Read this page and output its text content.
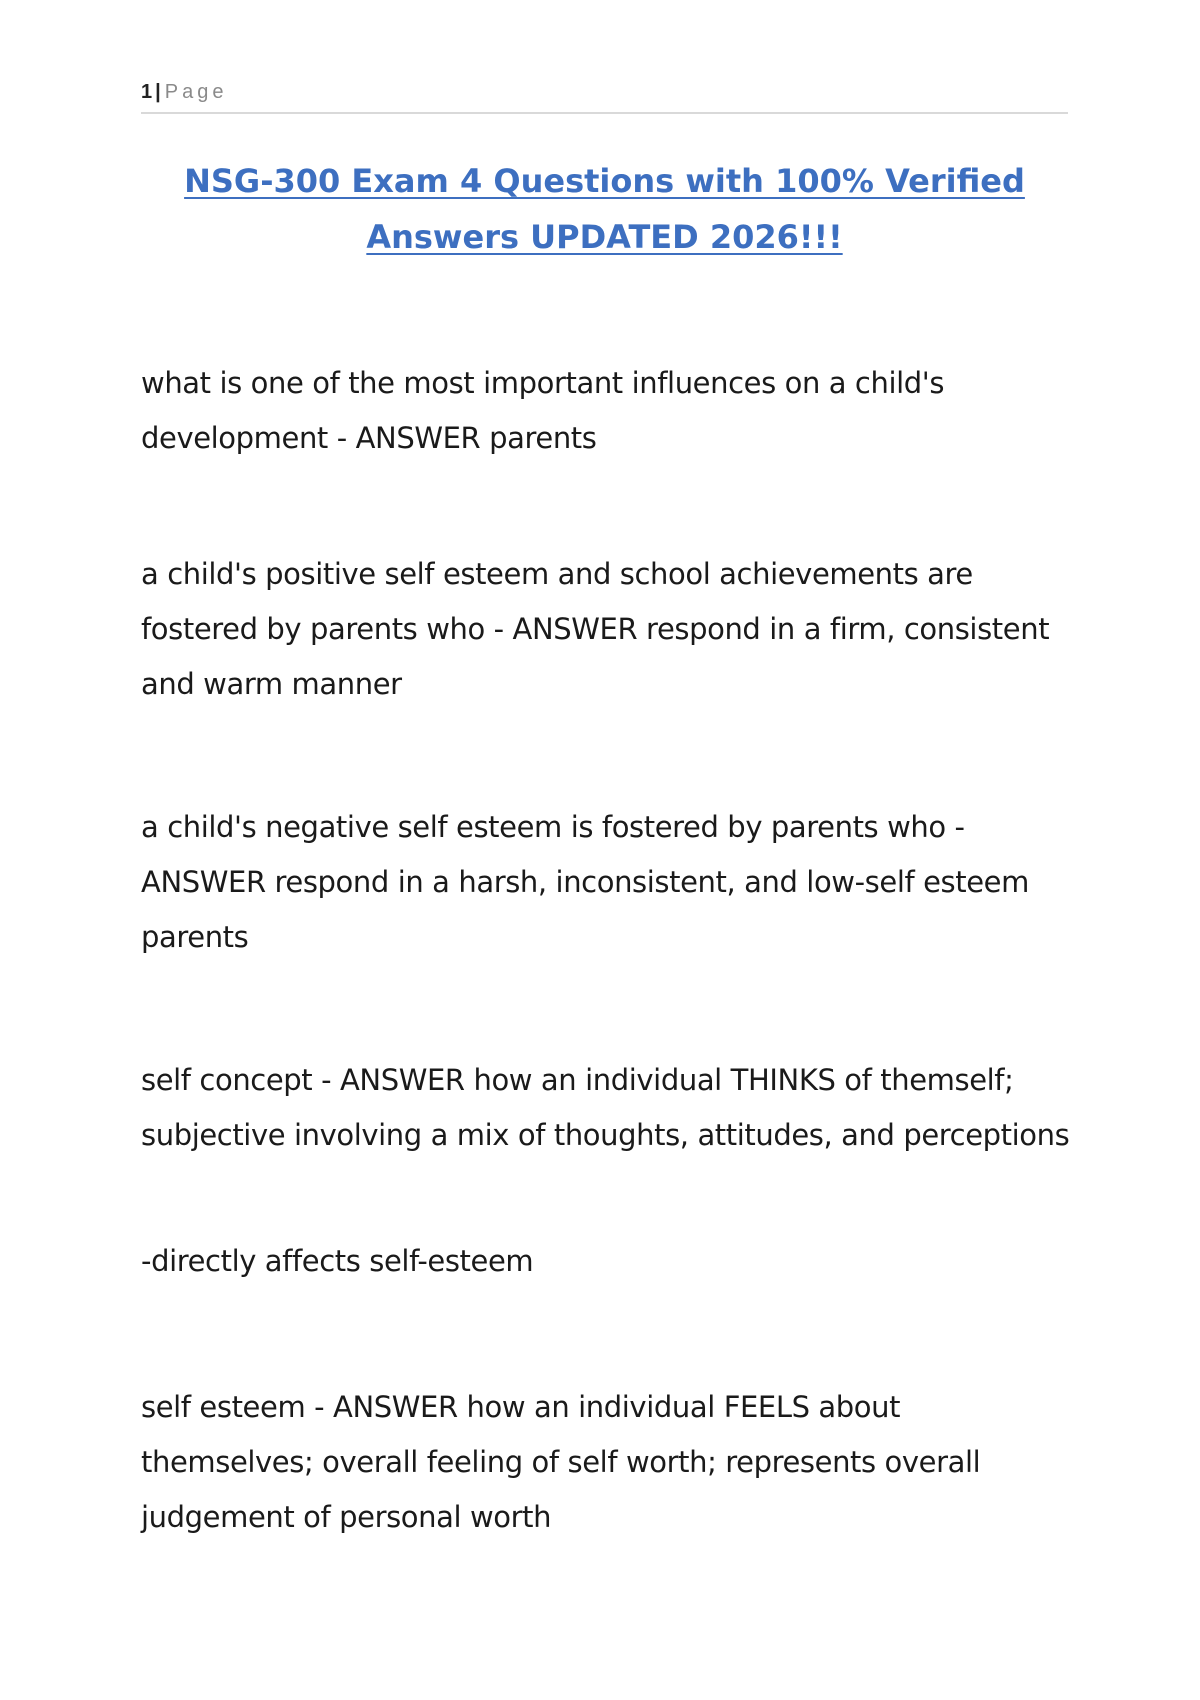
1 | Page
NSG-300 Exam 4 Questions with 100% Verified Answers UPDATED 2026!!!
what is one of the most important influences on a child's development - ANSWER parents
a child's positive self esteem and school achievements are fostered by parents who - ANSWER respond in a firm, consistent and warm manner
a child's negative self esteem is fostered by parents who - ANSWER respond in a harsh, inconsistent, and low-self esteem parents
self concept - ANSWER how an individual THINKS of themself; subjective involving a mix of thoughts, attitudes, and perceptions
-directly affects self-esteem
self esteem - ANSWER how an individual FEELS about themselves; overall feeling of self worth; represents overall judgement of personal worth
